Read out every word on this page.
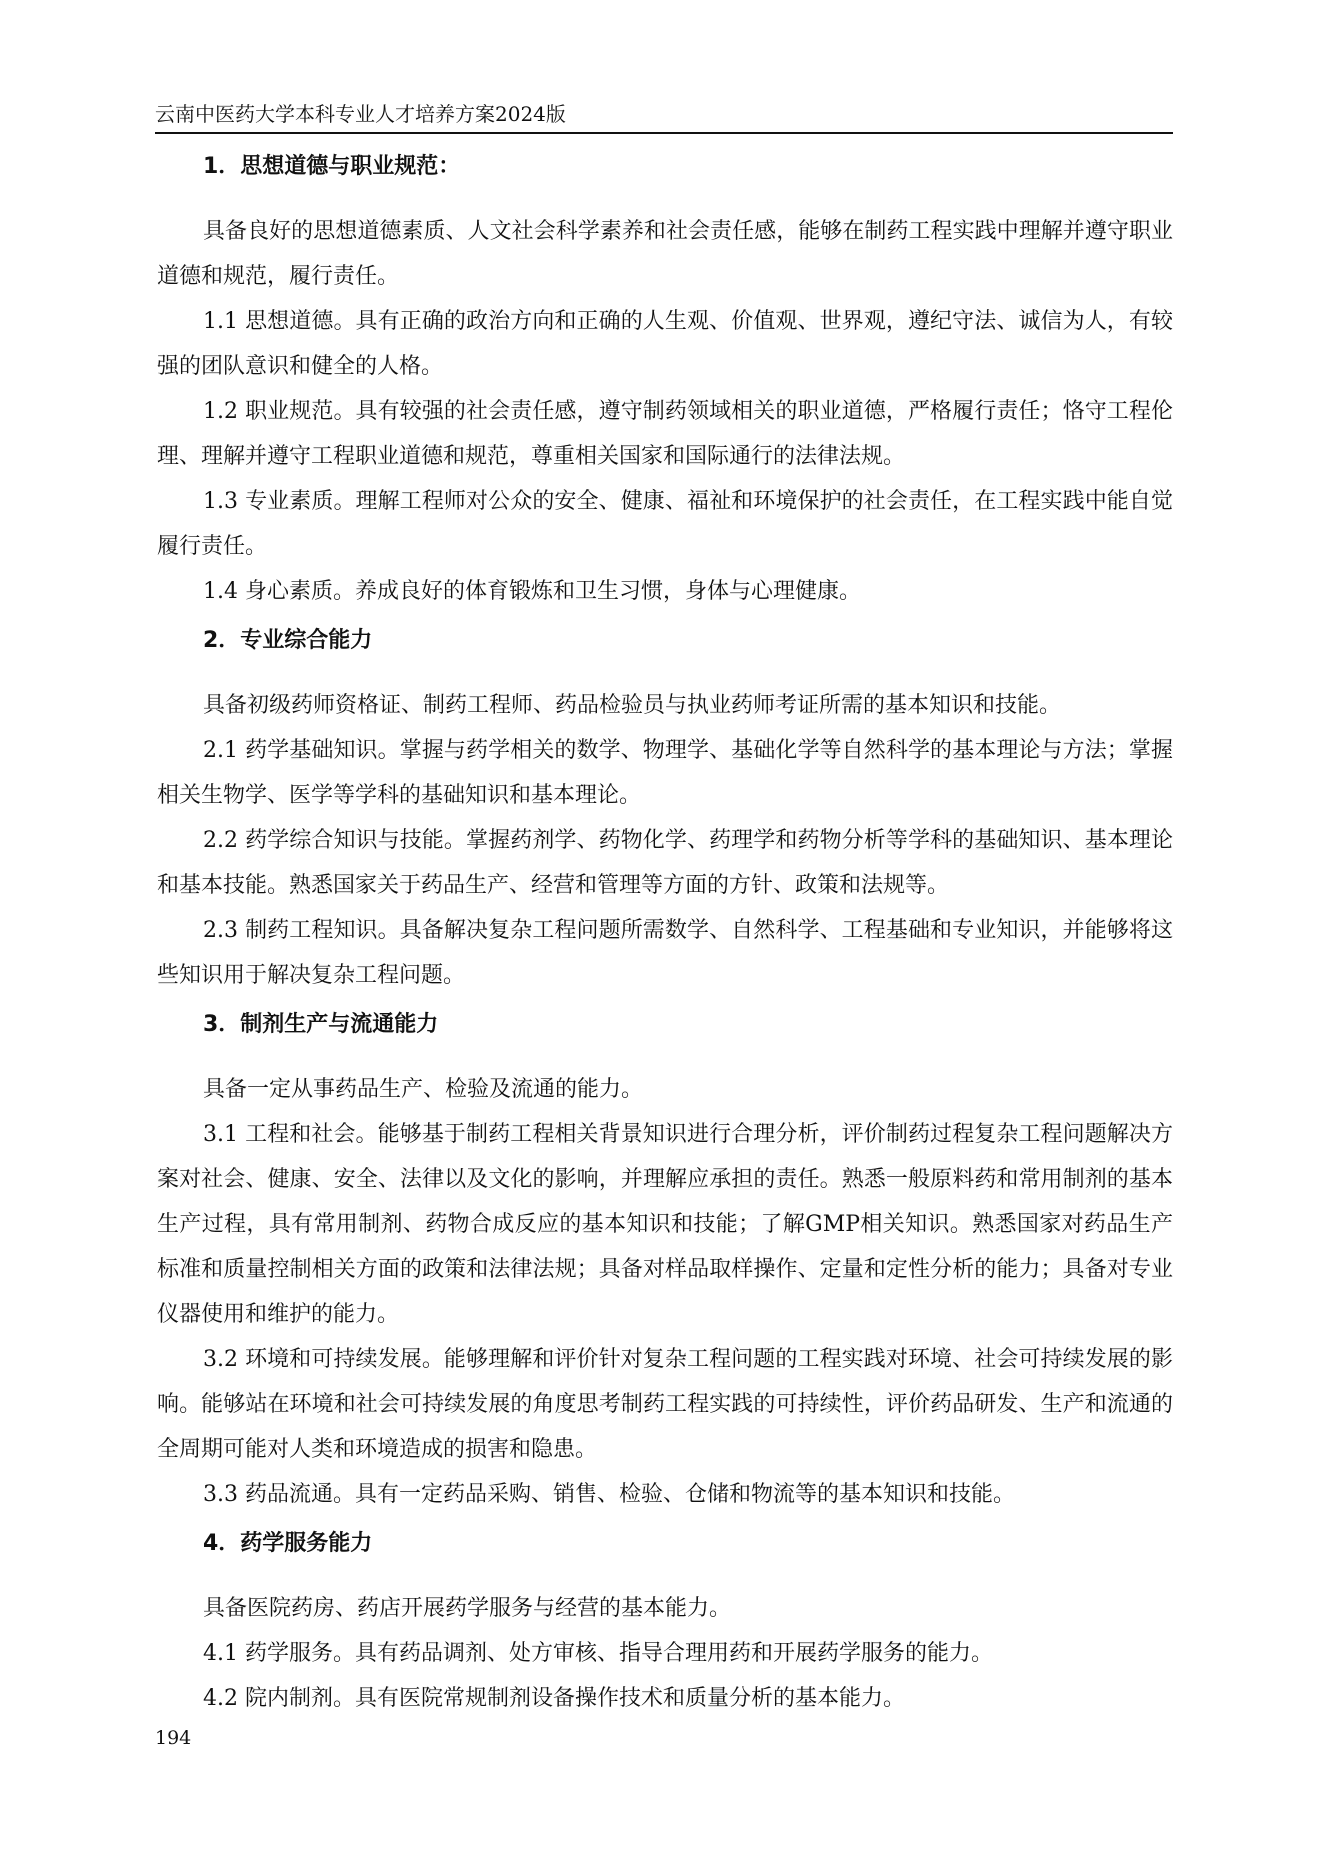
云南中医药大学本科专业人才培养方案2024版
1．思想道德与职业规范：

具备良好的思想道德素质、人文社会科学素养和社会责任感，能够在制药工程实践中理解并遵守职业道德和规范，履行责任。

1.1 思想道德。具有正确的政治方向和正确的人生观、价值观、世界观，遵纪守法、诚信为人，有较强的团队意识和健全的人格。

1.2 职业规范。具有较强的社会责任感，遵守制药领域相关的职业道德，严格履行责任；恪守工程伦理、理解并遵守工程职业道德和规范，尊重相关国家和国际通行的法律法规。

1.3 专业素质。理解工程师对公众的安全、健康、福祉和环境保护的社会责任，在工程实践中能自觉履行责任。

1.4 身心素质。养成良好的体育锻炼和卫生习惯，身体与心理健康。

2．专业综合能力

具备初级药师资格证、制药工程师、药品检验员与执业药师考证所需的基本知识和技能。

2.1 药学基础知识。掌握与药学相关的数学、物理学、基础化学等自然科学的基本理论与方法；掌握相关生物学、医学等学科的基础知识和基本理论。

2.2 药学综合知识与技能。掌握药剂学、药物化学、药理学和药物分析等学科的基础知识、基本理论和基本技能。熟悉国家关于药品生产、经营和管理等方面的方针、政策和法规等。

2.3 制药工程知识。具备解决复杂工程问题所需数学、自然科学、工程基础和专业知识，并能够将这些知识用于解决复杂工程问题。

3．制剂生产与流通能力

具备一定从事药品生产、检验及流通的能力。

3.1 工程和社会。能够基于制药工程相关背景知识进行合理分析，评价制药过程复杂工程问题解决方案对社会、健康、安全、法律以及文化的影响，并理解应承担的责任。熟悉一般原料药和常用制剂的基本生产过程，具有常用制剂、药物合成反应的基本知识和技能；了解GMP相关知识。熟悉国家对药品生产标准和质量控制相关方面的政策和法律法规；具备对样品取样操作、定量和定性分析的能力；具备对专业仪器使用和维护的能力。

3.2 环境和可持续发展。能够理解和评价针对复杂工程问题的工程实践对环境、社会可持续发展的影响。能够站在环境和社会可持续发展的角度思考制药工程实践的可持续性，评价药品研发、生产和流通的全周期可能对人类和环境造成的损害和隐患。

3.3 药品流通。具有一定药品采购、销售、检验、仓储和物流等的基本知识和技能。

4．药学服务能力

具备医院药房、药店开展药学服务与经营的基本能力。

4.1 药学服务。具有药品调剂、处方审核、指导合理用药和开展药学服务的能力。

4.2 院内制剂。具有医院常规制剂设备操作技术和质量分析的基本能力。

194
